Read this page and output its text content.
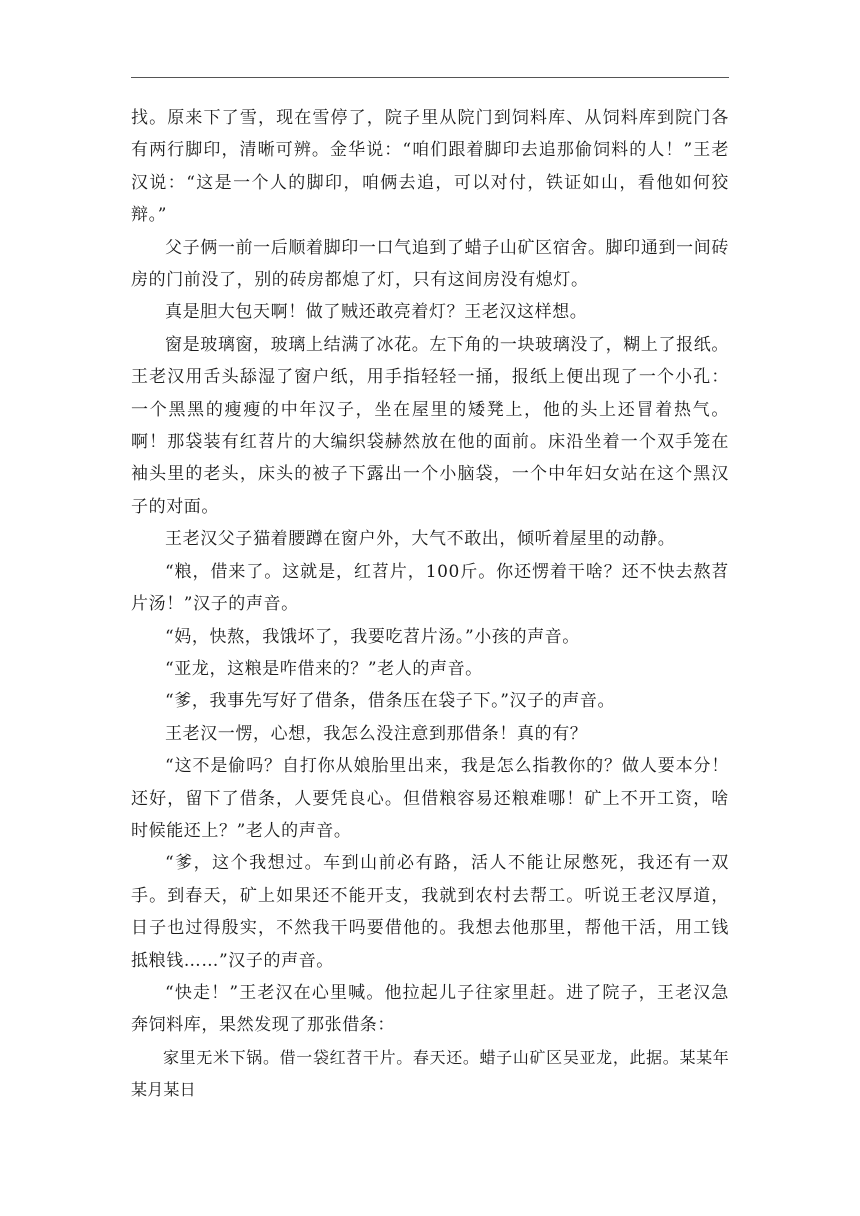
找。原来下了雪，现在雪停了，院子里从院门到饲料库、从饲料库到院门各有两行脚印，清晰可辨。金华说：“咱们跟着脚印去追那偷饲料的人！”王老汉说：“这是一个人的脚印，咱俩去追，可以对付，铁证如山，看他如何狡辩。”

父子俩一前一后顺着脚印一口气追到了蜡子山矿区宿舍。脚印通到一间砖房的门前没了，别的砖房都熄了灯，只有这间房没有熄灯。

真是胆大包天啊！做了贼还敢亮着灯？王老汉这样想。

窗是玻璃窗，玻璃上结满了冰花。左下角的一块玻璃没了，糊上了报纸。王老汉用舌头舔湿了窗户纸，用手指轻轻一捅，报纸上便出现了一个小孔：一个黑黑的瘦瘦的中年汉子，坐在屋里的矮凳上，他的头上还冒着热气。啊！那袋装有红苕片的大编织袋赫然放在他的面前。床沿坐着一个双手笼在袖头里的老头，床头的被子下露出一个小脑袋，一个中年妇女站在这个黑汉子的对面。

王老汉父子猫着腰蹲在窗户外，大气不敢出，倾听着屋里的动静。

“粮，借来了。这就是，红苕片，100斤。你还愣着干啥？还不快去熬苕片汤！”汉子的声音。

“妈，快熬，我饿坏了，我要吃苕片汤。”小孩的声音。

“亚龙，这粮是咋借来的？”老人的声音。

“爹，我事先写好了借条，借条压在袋子下。”汉子的声音。

王老汉一愣，心想，我怎么没注意到那借条！真的有？

“这不是偷吗？自打你从娘胎里出来，我是怎么指教你的？做人要本分！还好，留下了借条，人要凭良心。但借粮容易还粮难哪！矿上不开工资，啥时候能还上？”老人的声音。

“爹，这个我想过。车到山前必有路，活人不能让尿憋死，我还有一双手。到春天，矿上如果还不能开支，我就到农村去帮工。听说王老汉厚道，日子也过得殷实，不然我干吗要借他的。我想去他那里，帮他干活，用工钱抵粮钱……”汉子的声音。

“快走！”王老汉在心里喊。他拉起儿子往家里赶。进了院子，王老汉急奔饲料库，果然发现了那张借条：

家里无米下锅。借一袋红苕干片。春天还。蜡子山矿区吴亚龙，此据。某某年某月某日
